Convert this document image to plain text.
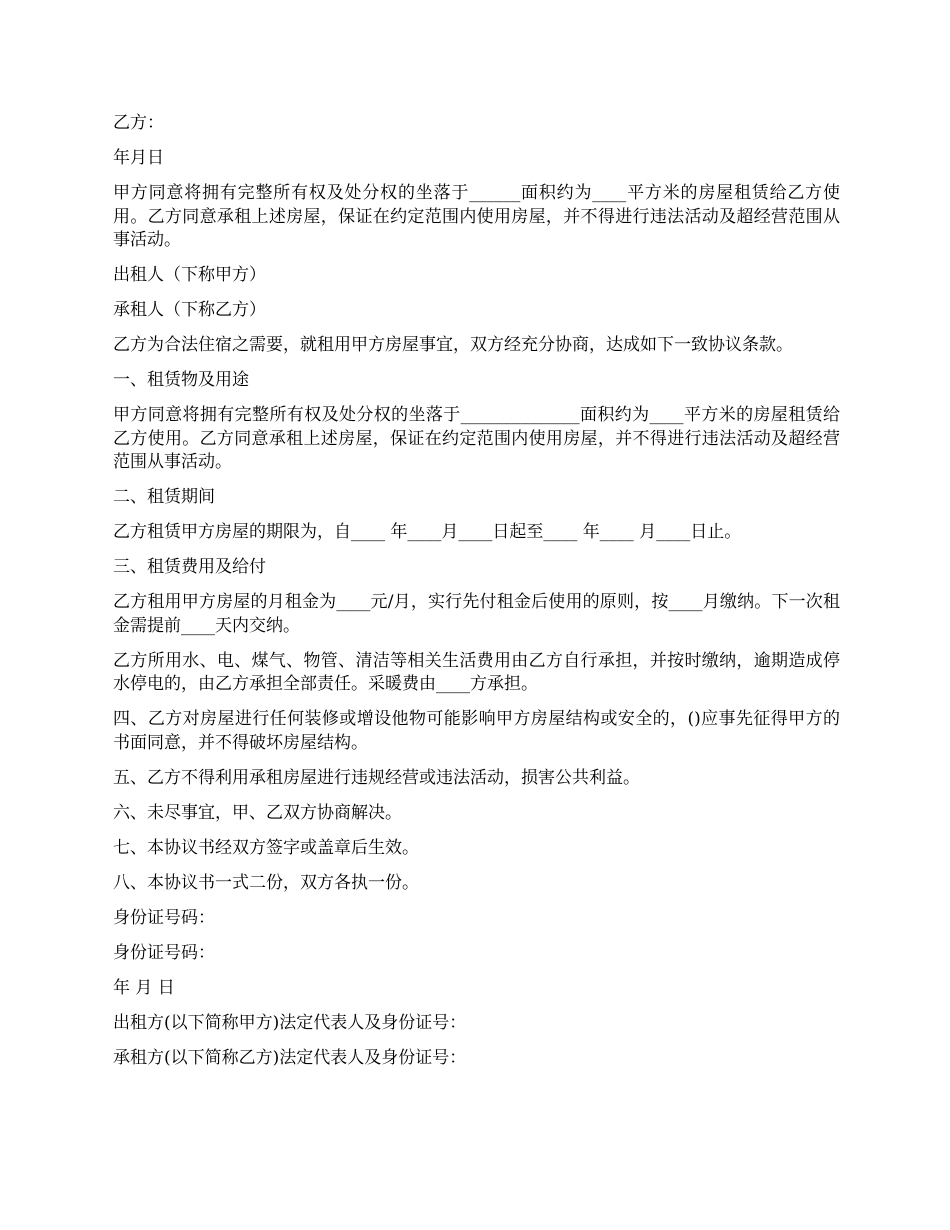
乙方：

年月日

甲方同意将拥有完整所有权及处分权的坐落于______面积约为____平方米的房屋租赁给乙方使用。乙方同意承租上述房屋，保证在约定范围内使用房屋，并不得进行违法活动及超经营范围从事活动。

出租人（下称甲方）

承租人（下称乙方）

乙方为合法住宿之需要，就租用甲方房屋事宜，双方经充分协商，达成如下一致协议条款。

一、租赁物及用途

甲方同意将拥有完整所有权及处分权的坐落于______________面积约为____平方米的房屋租赁给乙方使用。乙方同意承租上述房屋，保证在约定范围内使用房屋，并不得进行违法活动及超经营范围从事活动。

二、租赁期间

乙方租赁甲方房屋的期限为，自____ 年____月____日起至____ 年____ 月____日止。

三、租赁费用及给付

乙方租用甲方房屋的月租金为____元/月，实行先付租金后使用的原则，按____月缴纳。下一次租金需提前____天内交纳。

乙方所用水、电、煤气、物管、清洁等相关生活费用由乙方自行承担，并按时缴纳，逾期造成停水停电的，由乙方承担全部责任。采暖费由____方承担。

四、乙方对房屋进行任何装修或增设他物可能影响甲方房屋结构或安全的，()应事先征得甲方的书面同意，并不得破坏房屋结构。

五、乙方不得利用承租房屋进行违规经营或违法活动，损害公共利益。

六、未尽事宜，甲、乙双方协商解决。

七、本协议书经双方签字或盖章后生效。

八、本协议书一式二份，双方各执一份。

身份证号码：

身份证号码：

年 月 日

出租方(以下简称甲方)法定代表人及身份证号：

承租方(以下简称乙方)法定代表人及身份证号：
